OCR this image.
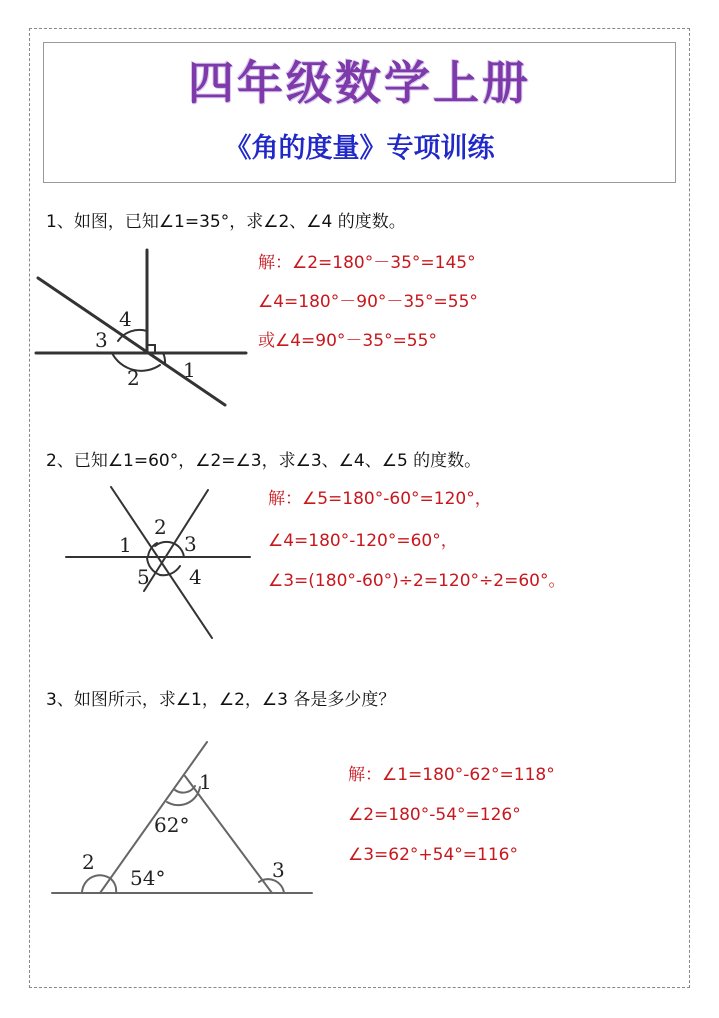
四年级数学上册
《角的度量》专项训练
1、如图，已知∠1=35°，求∠2、∠4 的度数。
解：∠2=180°－35°=145°
∠4=180°－90°－35°=55°
或∠4=90°－35°=55°
4
3
2 1
2、已知∠1=60°，∠2=∠3，求∠3、∠4、∠5 的度数。
解：∠5=180°-60°=120°，
∠4=180°-120°=60°，
∠3=(180°-60°)÷2=120°÷2=60°。
2
1	3
5 4
3、如图所示，求∠1，∠2，∠3 各是多少度？
解：∠1=180°-62°=118°
∠2=180°-54°=126°
∠3=62°+54°=116°
1
62°
2
54°	3
